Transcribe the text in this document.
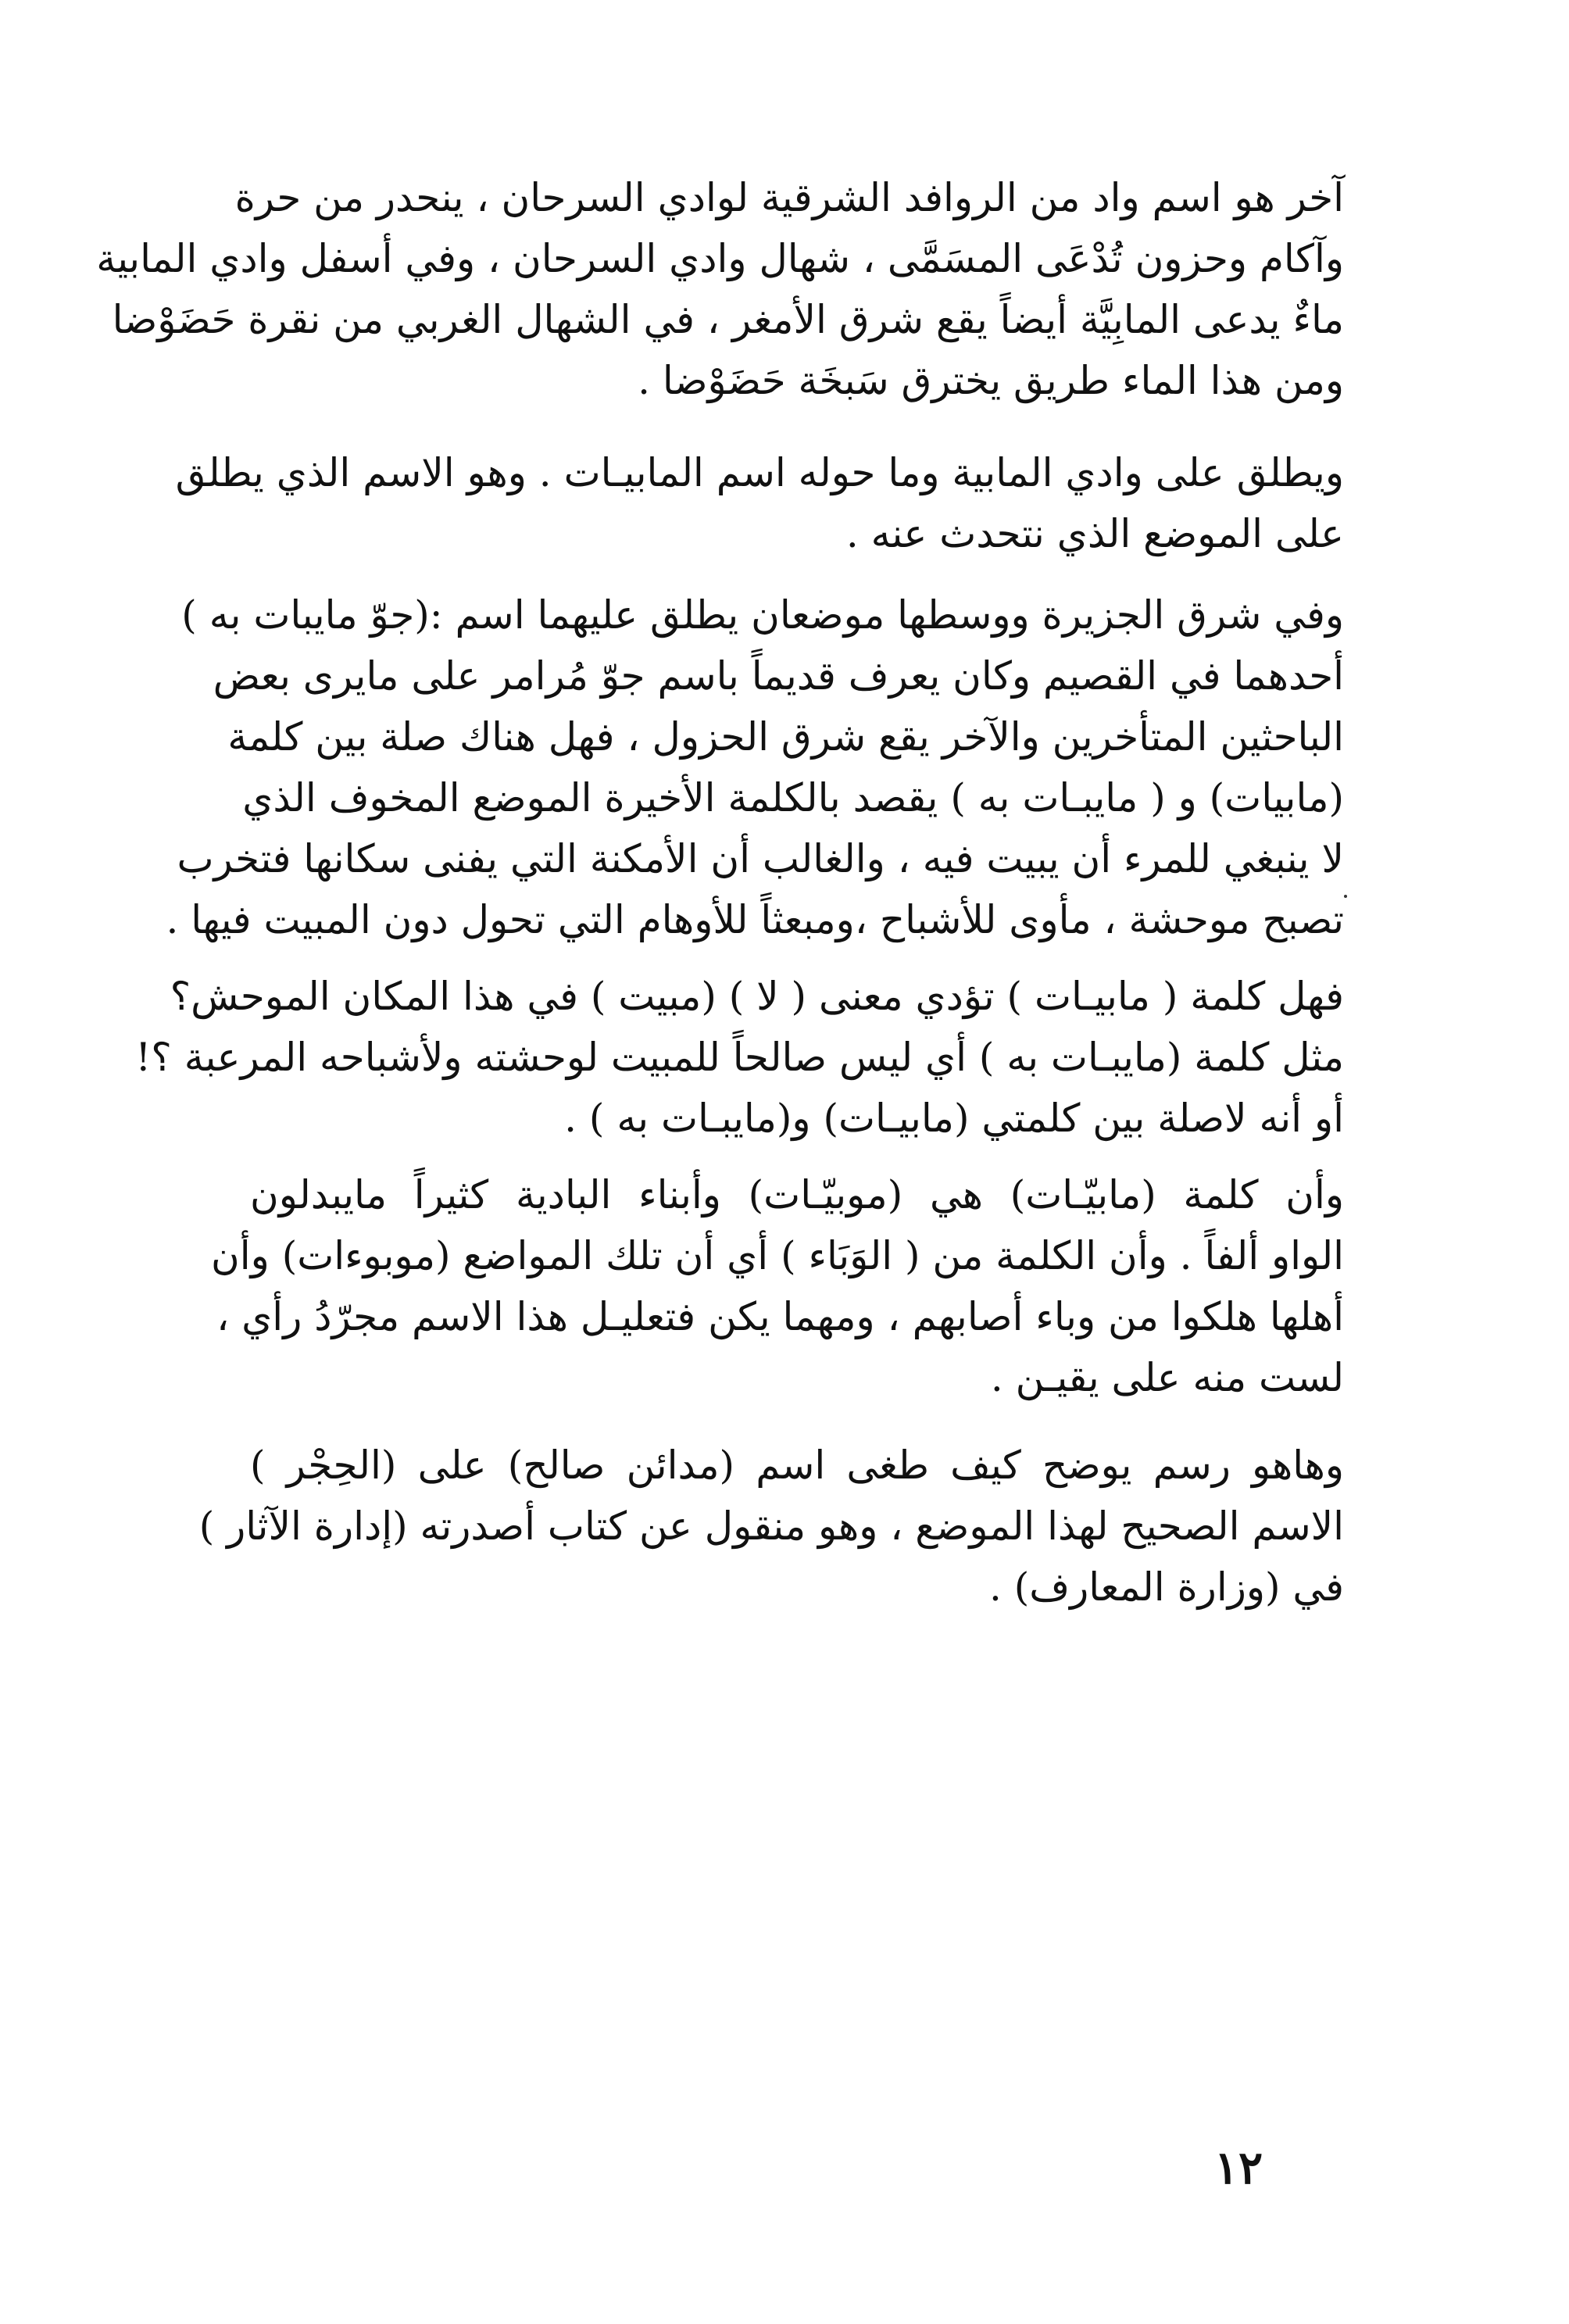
آخر هو اسم واد من الروافد الشرقية لوادي السرحان ، ينحدر من حرة
وآكام وحزون تُدْعَى المسَمَّى ، شهال وادي السرحان ، وفي أسفل وادي المابية
ماءٌ يدعى المابِيَّة أيضاً يقع شرق الأمغر ، في الشهال الغربي من نقرة حَضَوْضا
ومن هذا الماء طريق يخترق سَبخَة حَضَوْضا .
ويطلق على وادي المابية وما حوله اسم المابيـات . وهو الاسم الذي يطلق
على الموضع الذي نتحدث عنه .
وفي شرق الجزيرة ووسطها موضعان يطلق عليهما اسم :(جوّ مايبات به )
أحدهما في القصيم وكان يعرف قديماً باسم جوّ مُرامر على مايرى بعض
الباحثين المتأخرين والآخر يقع شرق الحزول ، فهل هناك صلة بين كلمة
(مابيات) و ( مايبـات به ) يقصد بالكلمة الأخيرة الموضع المخوف الذي
لا ينبغي للمرء أن يبيت فيه ، والغالب أن الأمكنة التي يفنى سكانها فتخرب
تصبح موحشة ، مأوى للأشباح ،ومبعثاً للأوهام التي تحول دون المبيت فيها .
فهل كلمة ( مابيـات ) تؤدي معنى ( لا ) (مبيت ) في هذا المكان الموحش؟
مثل كلمة (مايبـات به ) أي ليس صالحاً للمبيت لوحشته ولأشباحه المرعبة ؟!
أو أنه لاصلة بين كلمتي (مابيـات) و(مايبـات به ) .
وأن كلمة (مابيّـات) هي (موبيّـات) وأبناء البادية كثيراً مايبدلون
الواو ألفاً . وأن الكلمة من ( الوَبَاء ) أي أن تلك المواضع (موبوءات) وأن
أهلها هلكوا من وباء أصابهم ، ومهما يكن فتعليـل هذا الاسم مجرّدُ رأي ،
لست منه على يقيـن .
وهاهو رسم يوضح كيف طغى اسم (مدائن صالح) على (الحِجْر )
الاسم الصحيح لهذا الموضع ، وهو منقول عن كتاب أصدرته (إدارة الآثار )
في (وزارة المعارف) .
١٢
